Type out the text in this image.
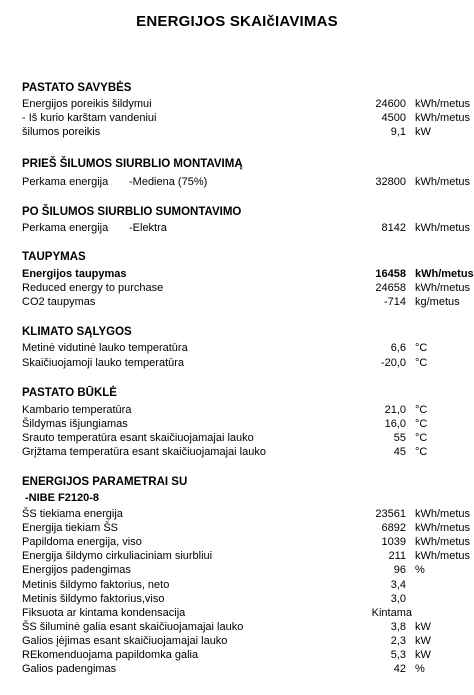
ENERGIJOS SKAIčIAVIMAS
PASTATO SAVYBĖS
Energijos poreikis šildymui	24600 kWh/metus
- Iš kurio karštam vandeniui	4500 kWh/metus
šilumos poreikis	9,1 kW
PRIEŠ ŠILUMOS SIURBLIO MONTAVIMĄ
Perkama energija -Mediena (75%)	32800 kWh/metus
PO ŠILUMOS SIURBLIO SUMONTAVIMO
Perkama energija -Elektra	8142 kWh/metus
TAUPYMAS
Energijos taupymas	16458 kWh/metus
Reduced energy to purchase	24658 kWh/metus
CO2 taupymas	-714 kg/metus
KLIMATO SĄLYGOS
Metinė vidutinė lauko temperatūra	6,6 °C
Skaičiuojamoji lauko temperatūra	-20,0 °C
PASTATO BŪKLĖ
Kambario temperatūra	21,0 °C
Šildymas išjungiamas	16,0 °C
Srauto temperatūra esant skaičiuojamajai lauko	55 °C
Grįžtama temperatūra esant skaičiuojamajai lauko	45 °C
ENERGIJOS PARAMETRAI SU
-NIBE F2120-8
ŠS tiekiama energija	23561 kWh/metus
Energija tiekiam ŠS	6892 kWh/metus
Papildoma energija, viso	1039 kWh/metus
Energija šildymo cirkuliaciniam siurbliui	211 kWh/metus
Energijos padengimas	96 %
Metinis šildymo faktorius, neto	3,4
Metinis šildymo faktorius,viso	3,0
Fiksuota ar kintama kondensacija	Kintama
ŠS šiluminė galia esant skaičiuojamajai lauko	3,8 kW
Galios įėjimas esant skaičiuojamajai lauko	2,3 kW
REkomenduojama papildomka galia	5,3 kW
Galios padengimas	42 %
